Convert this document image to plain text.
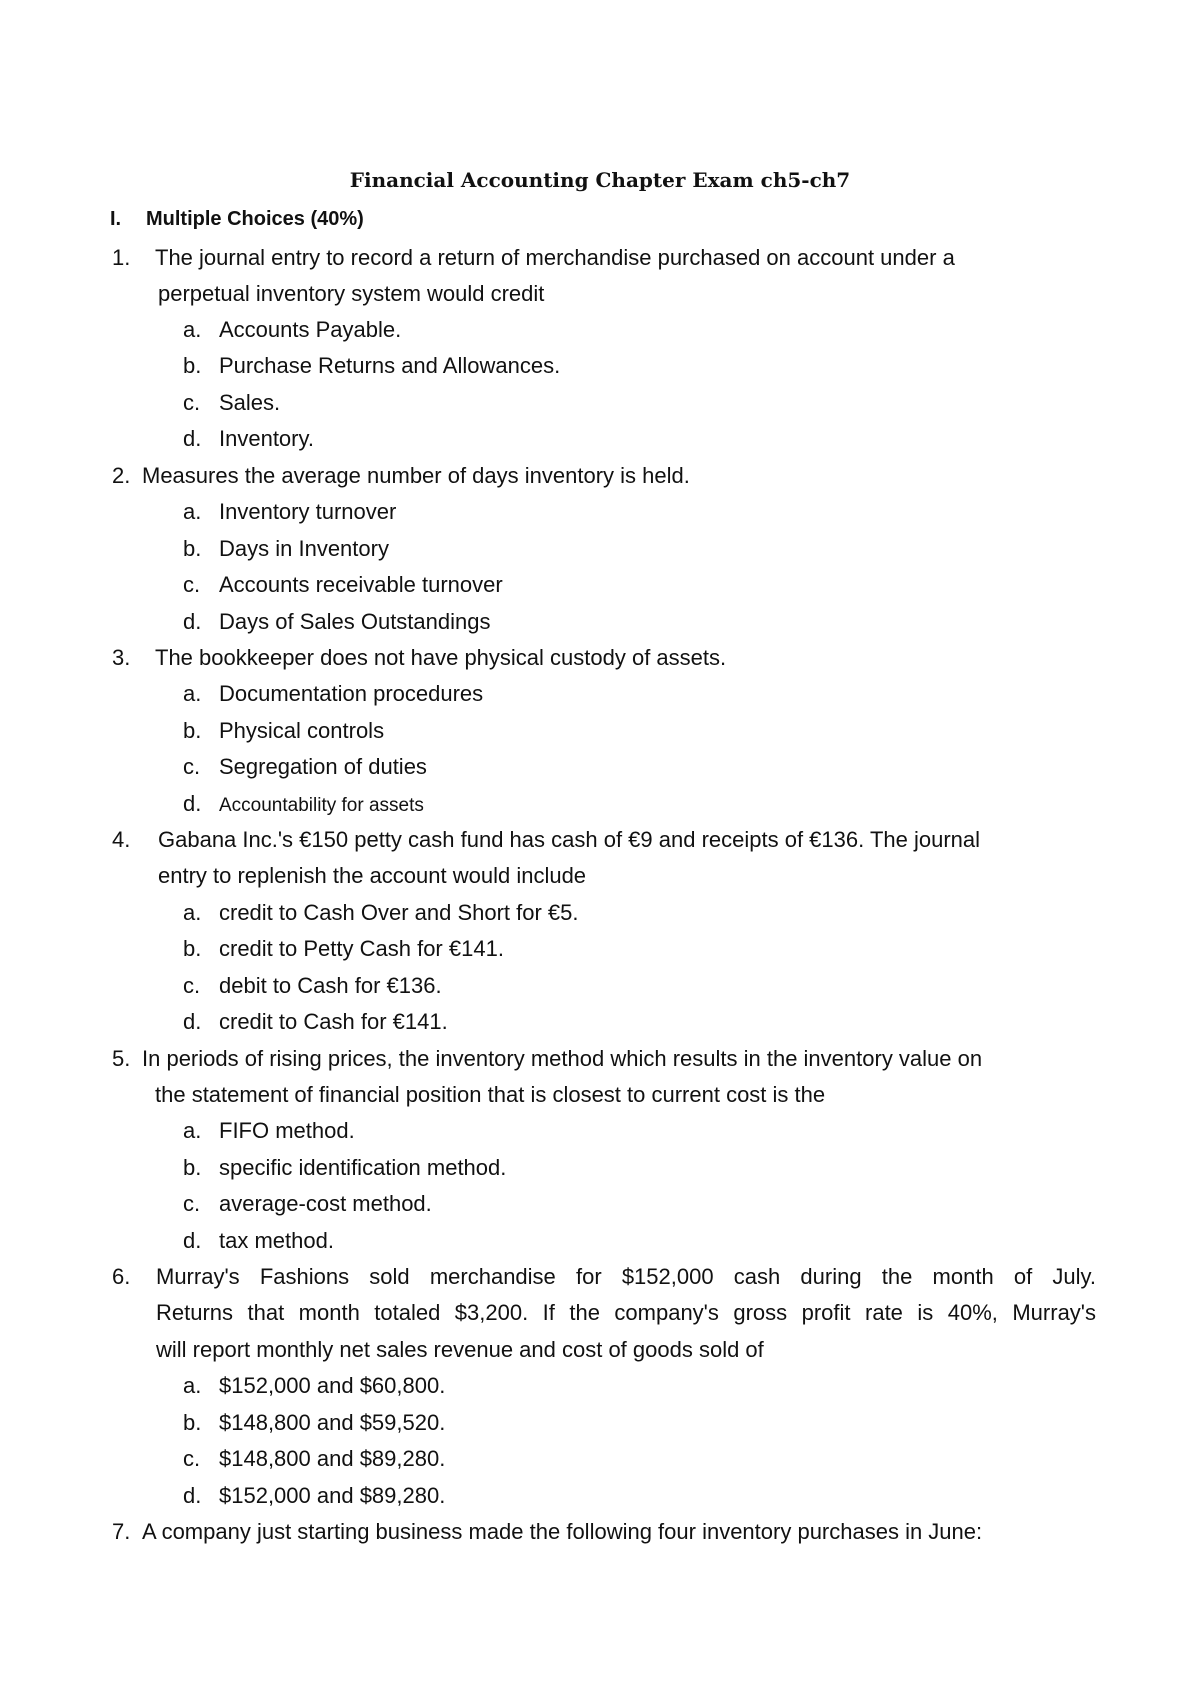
Financial Accounting Chapter Exam ch5-ch7
I. Multiple Choices (40%)
1. The journal entry to record a return of merchandise purchased on account under a
perpetual inventory system would credit
a. Accounts Payable.
b. Purchase Returns and Allowances.
c. Sales.
d. Inventory.
2. Measures the average number of days inventory is held.
a. Inventory turnover
b. Days in Inventory
c. Accounts receivable turnover
d. Days of Sales Outstandings
3. The bookkeeper does not have physical custody of assets.
a. Documentation procedures
b. Physical controls
c. Segregation of duties
d. Accountability for assets
4. Gabana Inc.'s €150 petty cash fund has cash of €9 and receipts of €136. The journal
entry to replenish the account would include
a. credit to Cash Over and Short for €5.
b. credit to Petty Cash for €141.
c. debit to Cash for €136.
d. credit to Cash for €141.
5. In periods of rising prices, the inventory method which results in the inventory value on
the statement of financial position that is closest to current cost is the
a. FIFO method.
b. specific identification method.
c. average-cost method.
d. tax method.
6. Murray's Fashions sold merchandise for $152,000 cash during the month of July.
Returns that month totaled $3,200. If the company's gross profit rate is 40%, Murray's
will report monthly net sales revenue and cost of goods sold of
a. $152,000 and $60,800.
b. $148,800 and $59,520.
c. $148,800 and $89,280.
d. $152,000 and $89,280.
7. A company just starting business made the following four inventory purchases in June:
